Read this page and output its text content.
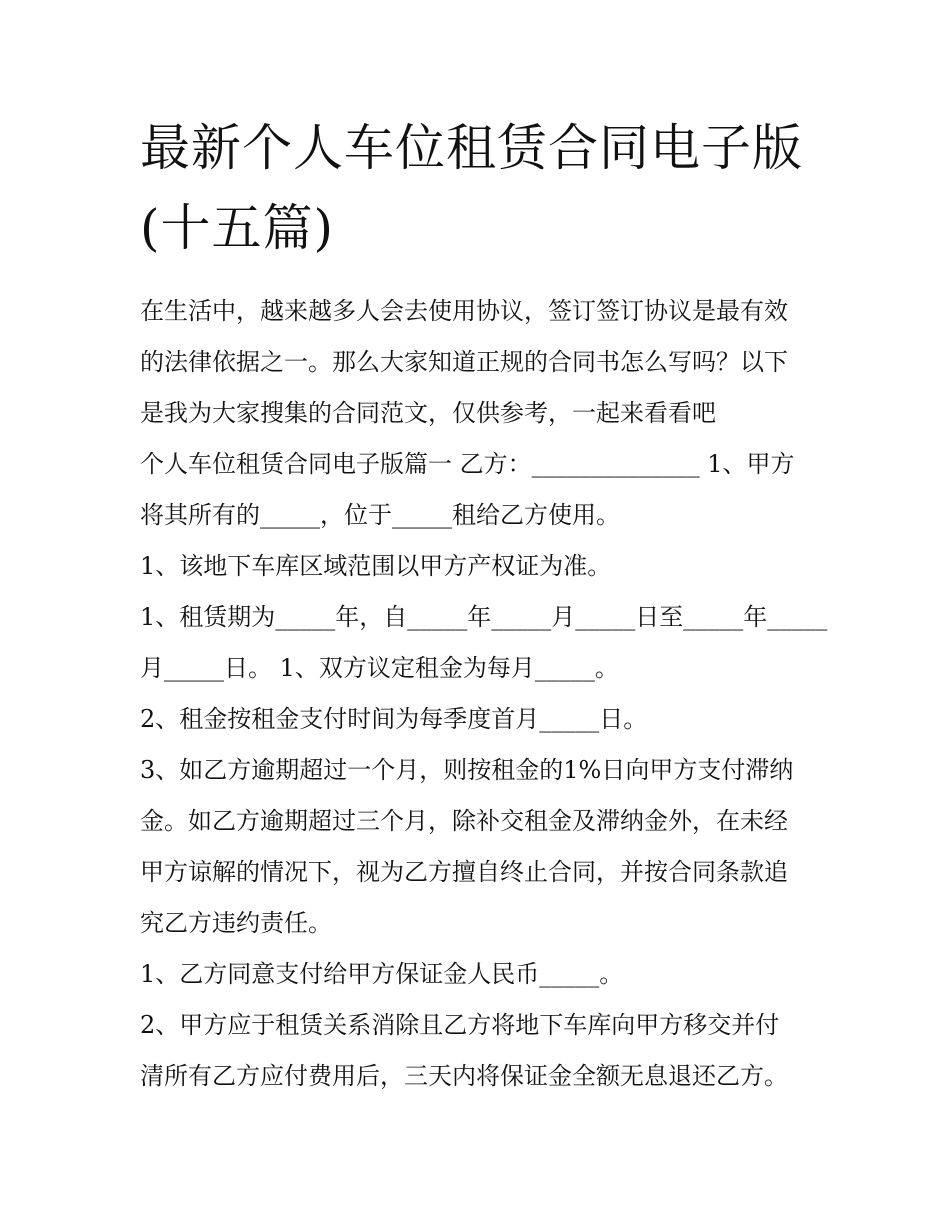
最新个人车位租赁合同电子版
(十五篇)

在生活中，越来越多人会去使用协议，签订签订协议是最有效
的法律依据之一。那么大家知道正规的合同书怎么写吗？以下
是我为大家搜集的合同范文，仅供参考，一起来看看吧

个人车位租赁合同电子版篇一 乙方：______________ 1、甲方
将其所有的_____，位于_____租给乙方使用。

1、该地下车库区域范围以甲方产权证为准。

1、租赁期为_____年，自_____年_____月_____日至_____年_____
月_____日。 1、双方议定租金为每月_____。

2、租金按租金支付时间为每季度首月_____日。

3、如乙方逾期超过一个月，则按租金的1%日向甲方支付滞纳
金。如乙方逾期超过三个月，除补交租金及滞纳金外，在未经
甲方谅解的情况下，视为乙方擅自终止合同，并按合同条款追
究乙方违约责任。

1、乙方同意支付给甲方保证金人民币_____。

2、甲方应于租赁关系消除且乙方将地下车库向甲方移交并付
清所有乙方应付费用后，三天内将保证金全额无息退还乙方。
